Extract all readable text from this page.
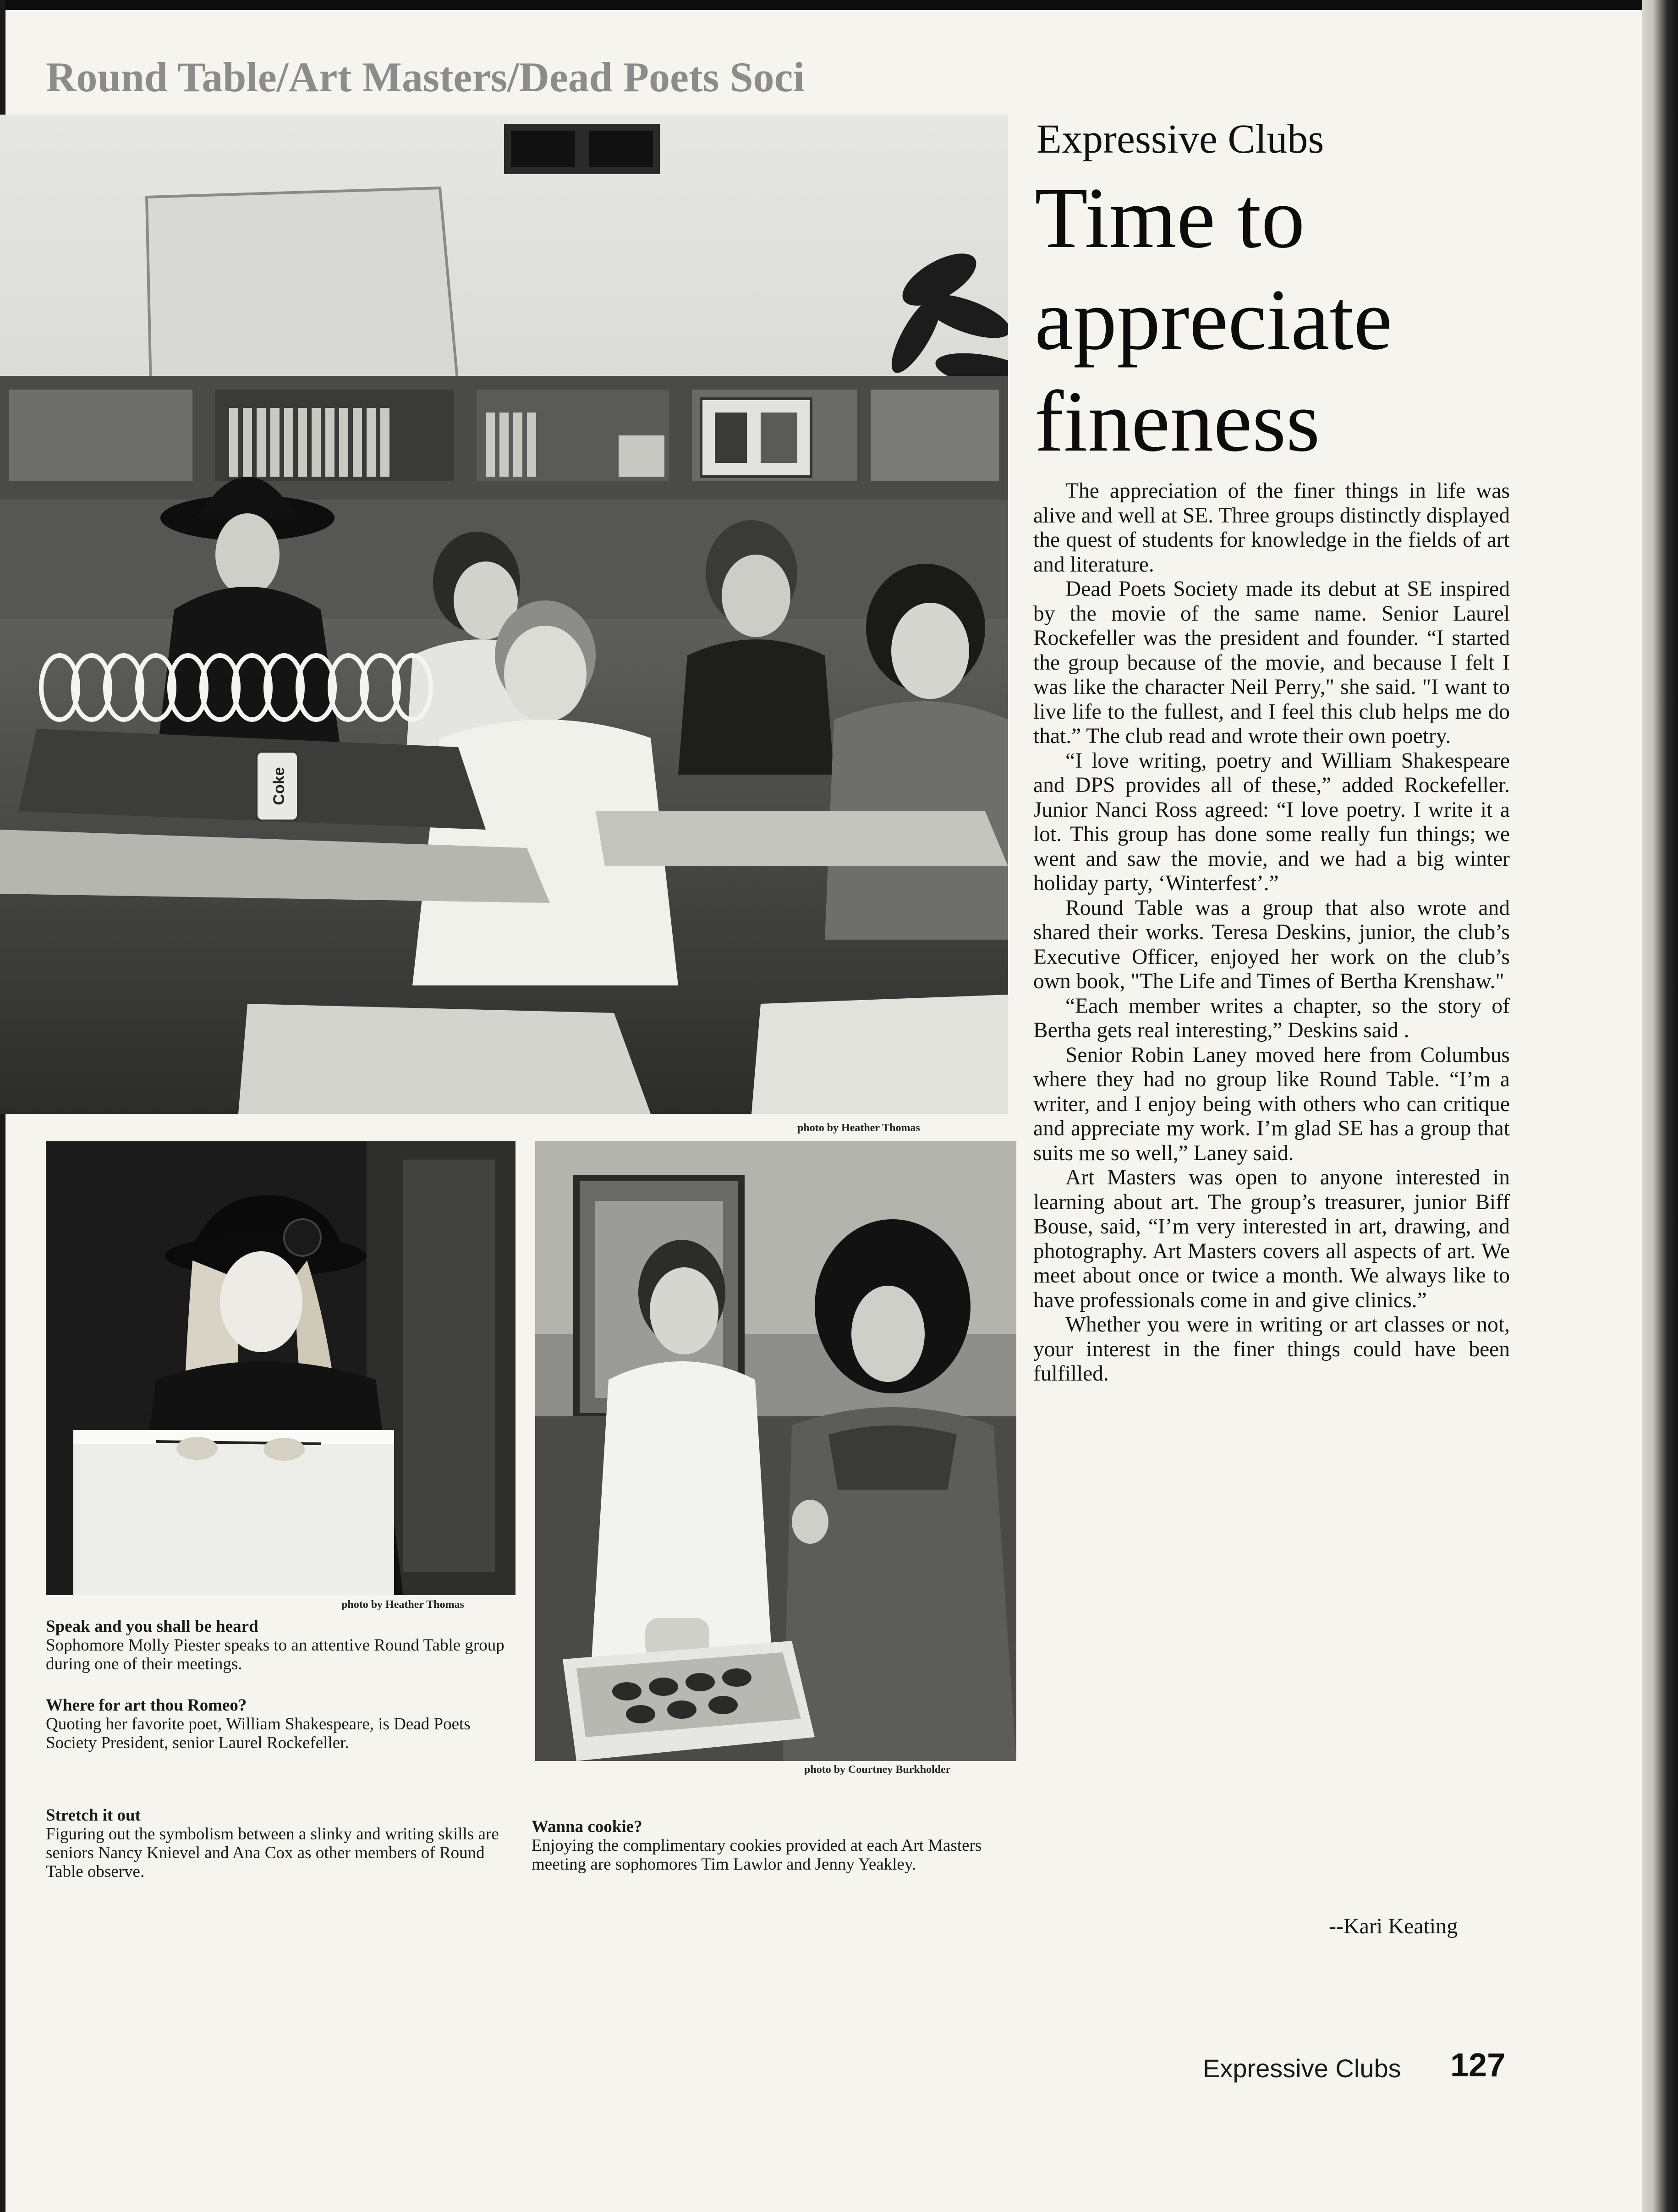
Round Table/Art Masters/Dead Poets Soci
Coke
photo by Heather Thomas
photo by Heather Thomas
photo by Courtney Burkholder
Speak and you shall be heard
Sophomore Molly Piester speaks to an attentive Round Table group during one of their meetings.
Where for art thou Romeo?
Quoting her favorite poet, William Shakespeare, is Dead Poets Society President, senior Laurel Rockefeller.
Stretch it out
Figuring out the symbolism between a slinky and writing skills are seniors Nancy Knievel and Ana Cox as other members of Round Table observe.
Wanna cookie?
Enjoying the complimentary cookies provided at each Art Masters meeting are sophomores Tim Lawlor and Jenny Yeakley.
Expressive Clubs
Time to
appreciate
fineness

The appreciation of the finer things in life was alive and well at SE. Three groups distinctly displayed the quest of students for knowledge in the fields of art and literature.

Dead Poets Society made its debut at SE inspired by the movie of the same name. Senior Laurel Rockefeller was the president and founder. “I started the group because of the movie, and because I felt I was like the character Neil Perry," she said. "I want to live life to the fullest, and I feel this club helps me do that.” The club read and wrote their own poetry.

“I love writing, poetry and William Shakespeare and DPS provides all of these,” added Rockefeller. Junior Nanci Ross agreed: “I love poetry. I write it a lot. This group has done some really fun things; we went and saw the movie, and we had a big winter holiday party, ‘Winterfest’.”

Round Table was a group that also wrote and shared their works. Teresa Deskins, junior, the club’s Executive Officer, enjoyed her work on the club’s own book, "The Life and Times of Bertha Krenshaw."

“Each member writes a chapter, so the story of Bertha gets real interesting,” Deskins said .

Senior Robin Laney moved here from Columbus where they had no group like Round Table. “I’m a writer, and I enjoy being with others who can critique and appreciate my work. I’m glad SE has a group that suits me so well,” Laney said.

Art Masters was open to anyone interested in learning about art. The group’s treasurer, junior Biff Bouse, said, “I’m very interested in art, drawing, and photography. Art Masters covers all aspects of art. We meet about once or twice a month. We always like to have professionals come in and give clinics.”

Whether you were in writing or art classes or not, your interest in the finer things could have been fulfilled.

--Kari Keating
Expressive Clubs 127
